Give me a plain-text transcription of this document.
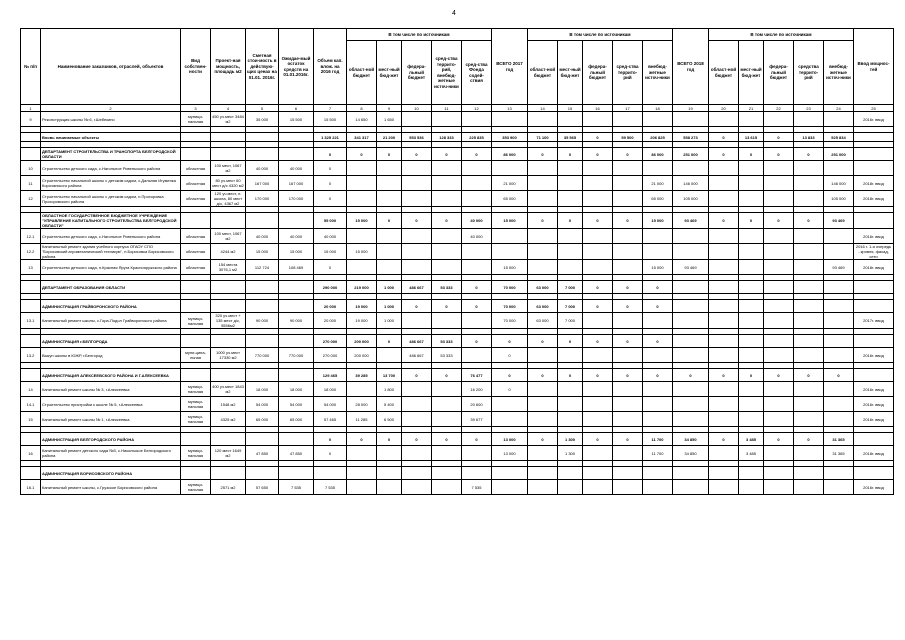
4
№ п/п	Наименование заказчиков, отраслей, объектов	Вид собствен-ности	Проект-ная мощность, площадь м2	Сметная стои-мость в действую-щих ценах на 01.01. 2016г.	Ожидае-мый остаток средств на 01.01.2016г.	Объем кап. влож. на 2016 год	В том числе по источникам					ВСЕГО 2017 год	В том числе по источникам					ВСЕГО 2018 год	В том числе по источникам					Ввод мощнос-тей
							област-ной бюджет	мест-ный бюд-жет	федера-льный бюджет	сред-ства террито-рий, внебюд-жетные источ-ники	сред-ства Фонда содей-ствия		област-ной бюджет	мест-ный бюд-жет	федера-льный бюджет	сред-ства террито-рий	внебюд-жетные источ-ники		област-ной бюджет	мест-ный бюд-жет	федера-льный бюджет	средства террито-рий	внебюд-жетные источ-ники	
1	2	3	4	5	6	7	8	9	10	11	12	13	14	15	16	17	18	19	20	21	22	23	24	25
9	Реконструкция школы № 6, г.Шебекино	муници-пальная	450 уч.мест 3484 м2	35 000	15 500	15 500	14 650	1 650																2016г. ввод

	Вновь начинаемые объекты					1 325 221	341 317	21 200	553 536	128 333	225 835	353 900	71 100	35 565	0	59 500	206 825	558 273	0	13 615	0	13 833	525 834	

	ДЕПАРТАМЕНТ СТРОИТЕЛЬСТВА И ТРАНСПОРТА БЕЛГОРОДСКОЙ ОБЛАСТИ					0	0	0	0	0	0	86 000	0	0	0	0	86 000	251 000	0	0	0	0	251 000	
10	Строительство детского сада, с.Нагольное Ровеньского района	областная	100 мест, 1067 м2	40 000	40 000	0																		
11	Строительство начальной школы с детским садом, с.Дальняя Игуменка Корочанского района	областная	80 уч.мест 60 мест д/с 4320 м2	167 000	167 000	0						21 000					21 000	146 000					146 000	2018г. ввод
12	Строительство начальной школы с детским садом, п.Прохоровка Прохоровского района	областная	120 уч.мест, н. школа, 80 мест д/с, 4367 м2	170 000	170 000	0						65 000					65 000	105 000					105 000	2018г. ввод

	ОБЛАСТНОЕ ГОСУДАРСТВЕННОЕ БЮДЖЕТНОЕ УЧРЕЖДЕНИЕ "УПРАВЛЕНИЕ КАПИТАЛЬНОГО СТРОИТЕЛЬСТВА БЕЛГОРОДСКОЙ ОБЛАСТИ"					55 000	15 000	0	0	0	40 000	15 000	0	0	0	0	15 000	93 469	0	0	0	0	93 469	
12.1	Строительство детского сада, с.Нагольное Ровеньского района	областная	100 мест, 1067 м2	40 000	40 000	40 000					40 000													2016г. ввод
12.2	Капитальный ремонт здания учебного корпуса ОГАОУ СПО "Борисовский агромеханический техникум", п.Борисовка Борисовского района	областная	4244 м2	15 000	15 000	15 000	15 000																	2016 г. 1-я очередь - кровля, фасад, сети
13	Строительство детского сада, п.Красная Яруга Краснояружского района	областная	154 места 3076,1 м2	112 724	108 469	0						15 000					15 000	93 469					93 469	2018г. ввод

	ДЕПАРТАМЕНТ ОБРАЗОВАНИЯ ОБЛАСТИ					290 000	219 000	1 000	486 667	53 333	0	70 000	63 000	7 000	0	0	0							

	АДМИНИСТРАЦИЯ ГРАЙВОРОНСКОГО РАЙОНА					20 000	19 000	1 000	0	0	0	70 000	63 000	7 000	0	0	0							
13.1	Капитальный ремонт школы, с.Гора-Подол Грайворонского района	муници-пальная	320 уч.мест + 135 мест д/с, 5556м2	90 000	90 000	20 000	19 000	1 000				70 000	63 000	7 000										2017г. ввод

	АДМИНИСТРАЦИЯ г.БЕЛГОРОДА					270 000	200 000	0	486 667	53 333	0	0	0	0	0	0	0							
13.2	Выкуп школы в ЮЖР, г.Белгород	муни-ципа-льная	1000 уч.мест 17330 м2	770 000	770 000	270 000	200 000		486 667	53 333		0												2016г. ввод

	АДМИНИСТРАЦИЯ АЛЕКСЕЕВСКОГО РАЙОНА И Г.АЛЕКСЕЕВКА					129 465	39 285	13 700	0	0	76 477	0	0	0	0	0	0	0	0	0	0	0	0	
14	Капитальный ремонт школы № 3, г.Алексеевка	муници-пальная	400 уч.мест 1843 м2	18 000	18 000	18 000		1 800			16 200	0												2016г. ввод
14.1	Строительство пристройки к школе № 5, г.Алексеевка	муници-пальная	1548 м2	54 000	54 000	54 000	28 000	5 400			20 600													2016г. ввод
15	Капитальный ремонт школы № 1, г.Алексеевка	муници-пальная	4325 м2	65 000	65 000	57 465	11 285	6 500			39 677													2016г. ввод

	АДМИНИСТРАЦИЯ БЕЛГОРОДСКОГО РАЙОНА					0	0	0	0	0	0	13 000	0	1 300	0	0	11 700	34 850	0	3 485	0	0	31 365	
16	Капитальный ремонт детского сада №3, с.Никольское Белгородского района	муници-пальная	120 мест 1649 м2	47 850	47 850	0						13 000		1 300			11 700	34 850		3 485			31 365	2018г. ввод

	АДМИНИСТРАЦИЯ БОРИСОВСКОГО РАЙОНА																							
16.1	Капитальный ремонт школы, с.Грузское Борисовского района	муници-пальная	2571 м2	57 650	7 535	7 535					7 535													2016г. ввод
